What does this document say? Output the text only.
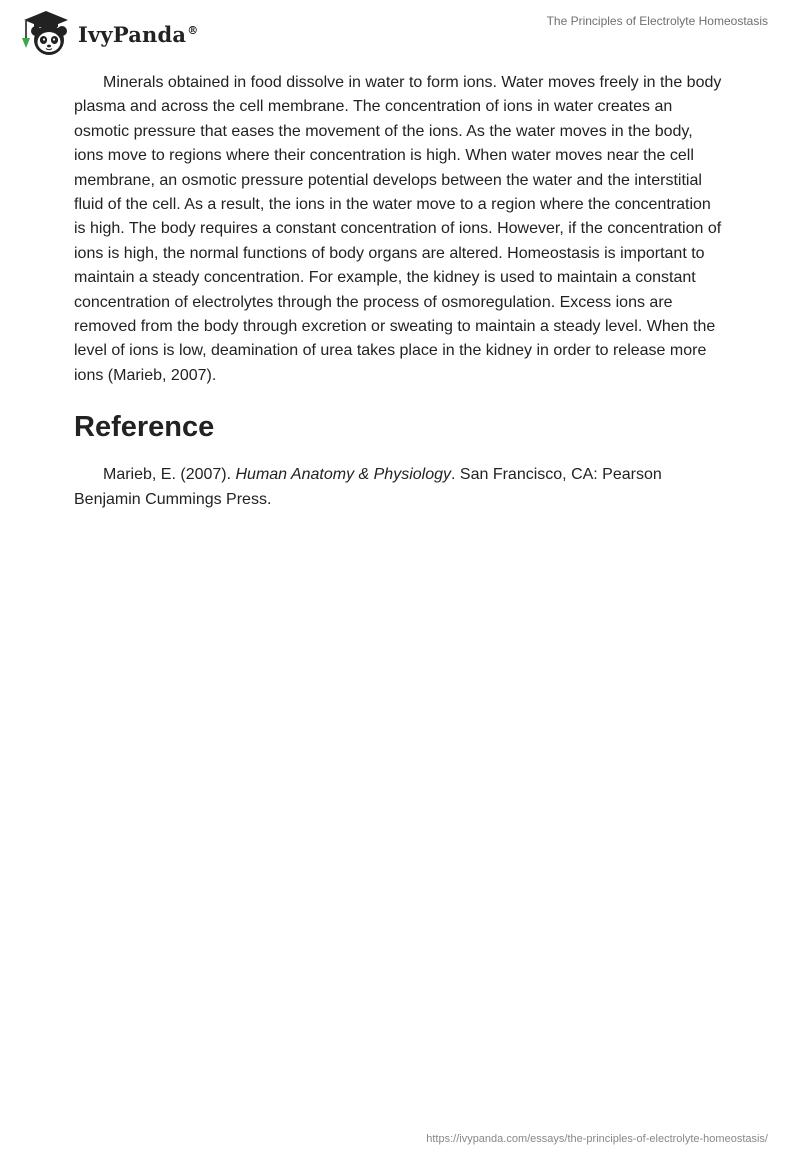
IvyPanda®
The Principles of Electrolyte Homeostasis

Minerals obtained in food dissolve in water to form ions. Water moves freely in the body plasma and across the cell membrane. The concentration of ions in water creates an osmotic pressure that eases the movement of the ions. As the water moves in the body, ions move to regions where their concentration is high. When water moves near the cell membrane, an osmotic pressure potential develops between the water and the interstitial fluid of the cell. As a result, the ions in the water move to a region where the concentration is high. The body requires a constant concentration of ions. However, if the concentration of ions is high, the normal functions of body organs are altered. Homeostasis is important to maintain a steady concentration. For example, the kidney is used to maintain a constant concentration of electrolytes through the process of osmoregulation. Excess ions are removed from the body through excretion or sweating to maintain a steady level. When the level of ions is low, deamination of urea takes place in the kidney in order to release more ions (Marieb, 2007).

Reference

Marieb, E. (2007). Human Anatomy & Physiology. San Francisco, CA: Pearson Benjamin Cummings Press.

https://ivypanda.com/essays/the-principles-of-electrolyte-homeostasis/
